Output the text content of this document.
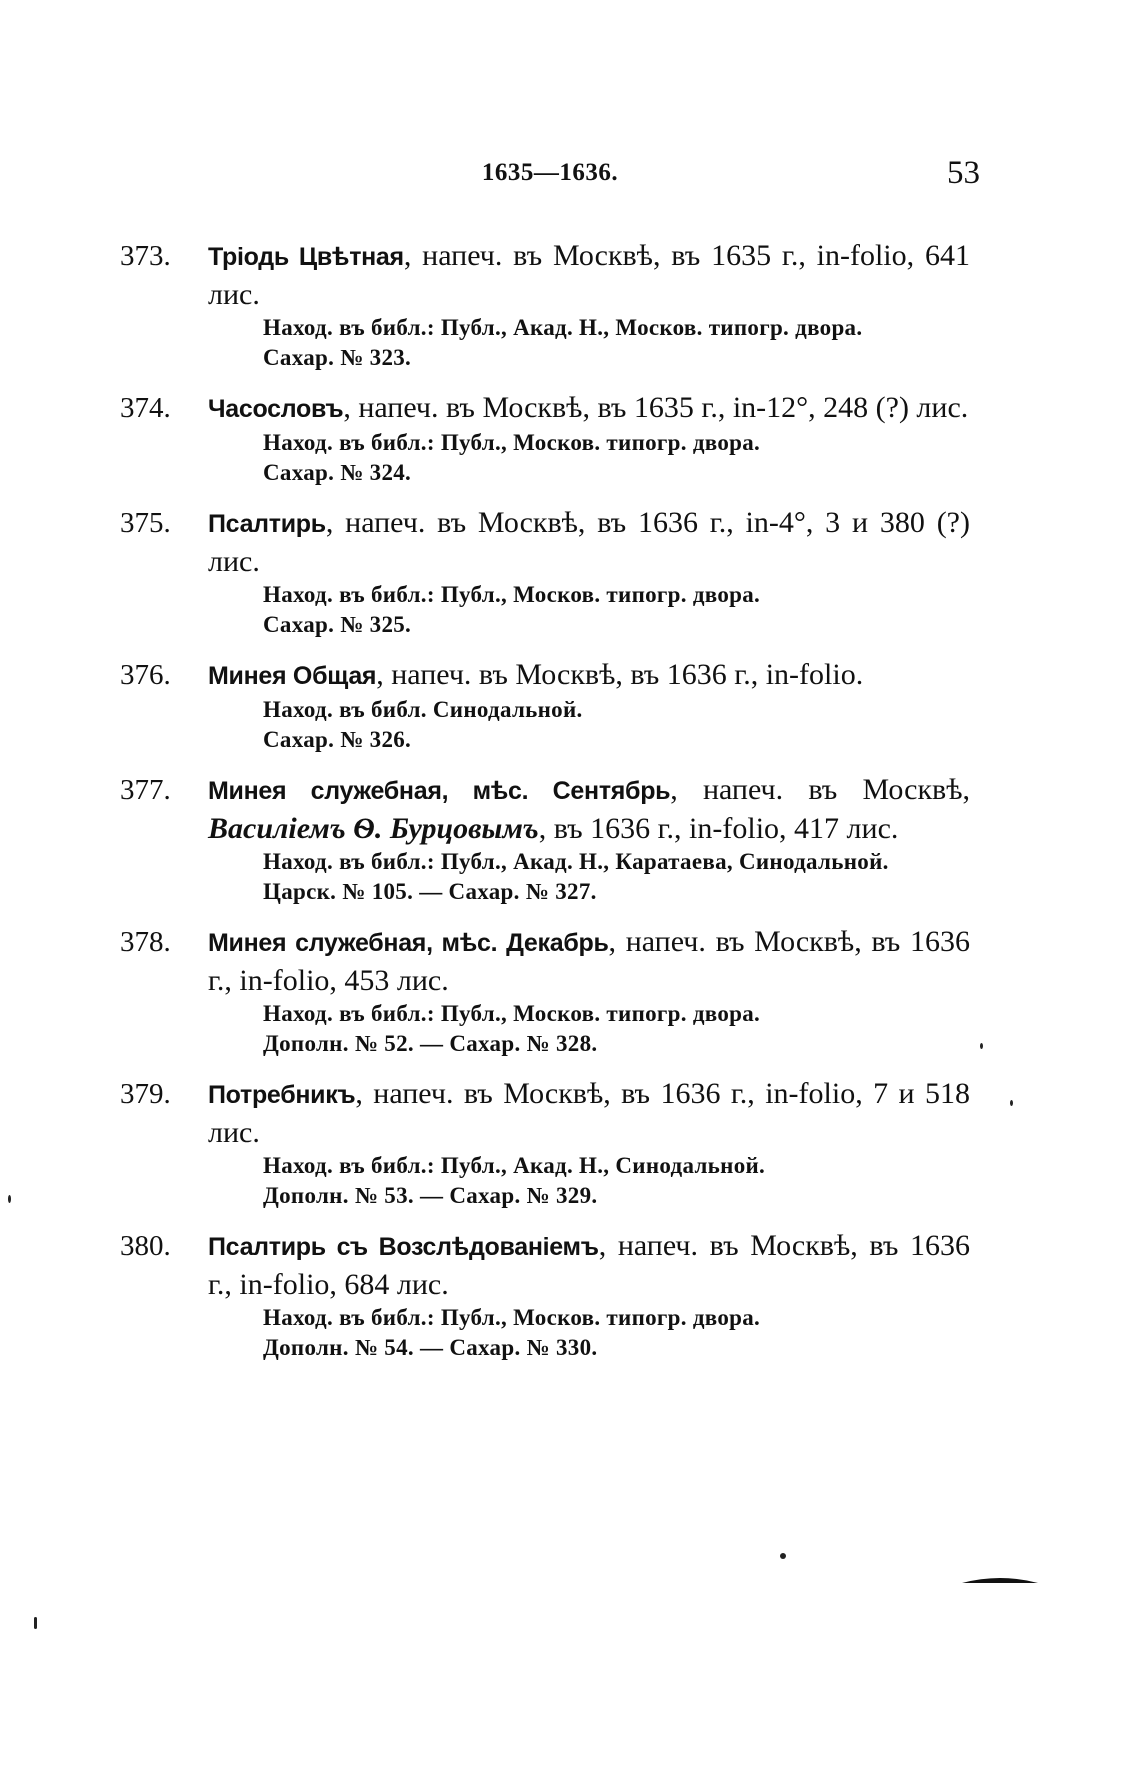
1635—1636.	53
373. Тріодь Цвѣтная, напеч. въ Москвѣ, въ 1635 г., in-folio, 641 лис.
Наход. въ библ.: Публ., Акад. Н., Москов. типогр. двора.
Сахар. № 323.
374. Часословъ, напеч. въ Москвѣ, въ 1635 г., in-12°, 248 (?) лис.
Наход. въ библ.: Публ., Москов. типогр. двора.
Сахар. № 324.
375. Псалтирь, напеч. въ Москвѣ, въ 1636 г., in-4°, 3 и 380 (?) лис.
Наход. въ библ.: Публ., Москов. типогр. двора.
Сахар. № 325.
376. Минея Общая, напеч. въ Москвѣ, въ 1636 г., in-folio.
Наход. въ библ. Синодальной.
Сахар. № 326.
377. Минея служебная, мѣс. Сентябрь, напеч. въ Москвѣ, Василіемъ Ѳ. Бурцовымъ, въ 1636 г., in-folio, 417 лис.
Наход. въ библ.: Публ., Акад. Н., Каратаева, Синодальной.
Царск. № 105. — Сахар. № 327.
378. Минея служебная, мѣс. Декабрь, напеч. въ Москвѣ, въ 1636 г., in-folio, 453 лис.
Наход. въ библ.: Публ., Москов. типогр. двора.
Дополн. № 52. — Сахар. № 328.
379. Потребникъ, напеч. въ Москвѣ, въ 1636 г., in-folio, 7 и 518 лис.
Наход. въ библ.: Публ., Акад. Н., Синодальной.
Дополн. № 53. — Сахар. № 329.
380. Псалтирь съ Возслѣдованіемъ, напеч. въ Москвѣ, въ 1636 г., in-folio, 684 лис.
Наход. въ библ.: Публ., Москов. типогр. двора.
Дополн. № 54. — Сахар. № 330.
